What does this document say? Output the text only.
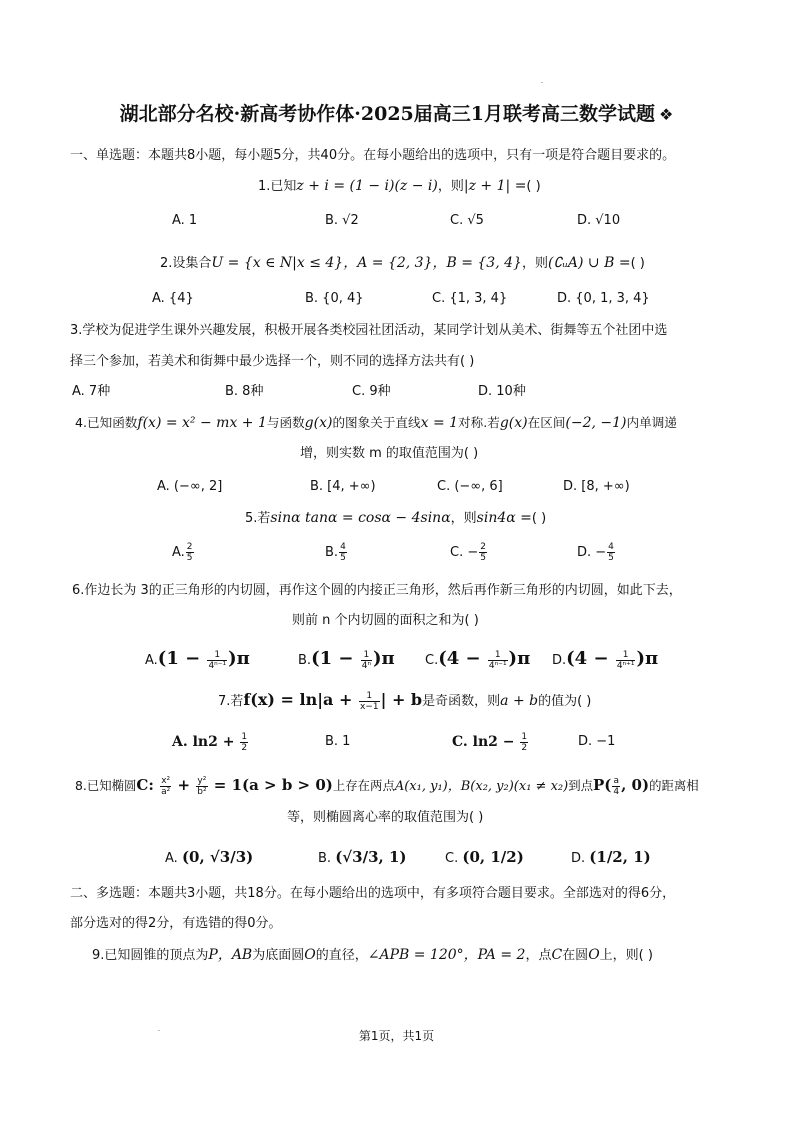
湖北部分名校·新高考协作体·2025届高三1月联考高三数学试题 ❖
一、单选题：本题共8小题，每小题5分，共40分。在每小题给出的选项中，只有一项是符合题目要求的。
1.已知z + i = (1 − i)(z − i)，则|z + 1| =( )
A. 1	B. √2	C. √5	D. √10
2.设集合U = {x ∈ N|x ≤ 4}，A = {2, 3}，B = {3, 4}，则(∁ᵤA) ∪ B =( )
A. {4}	B. {0, 4}	C. {1, 3, 4}	D. {0, 1, 3, 4}
3.学校为促进学生课外兴趣发展，积极开展各类校园社团活动，某同学计划从美术、街舞等五个社团中选
择三个参加，若美术和街舞中最少选择一个，则不同的选择方法共有( )
A. 7种	B. 8种	C. 9种	D. 10种
4.已知函数f(x) = x² − mx + 1与函数g(x)的图象关于直线x = 1对称.若g(x)在区间(−2, −1)内单调递
增，则实数 m 的取值范围为( )
A. (−∞, 2]	B. [4, +∞)	C. (−∞, 6]	D. [8, +∞)
5.若sinα tanα = cosα − 4sinα，则sin4α =( )
A. $\frac{2}{5}$	B. $\frac{4}{5}$	C. − $\frac{2}{5}$	D. − $\frac{4}{5}$
6.作边长为 3的正三角形的内切圆，再作这个圆的内接正三角形，然后再作新三角形的内切圆，如此下去，
则前 n 个内切圆的面积之和为( )
$A.(1 - \frac{1}{\text{4ⁿ⁻¹}} )\pi$	$B.(1 - \frac{1}{\text{4ⁿ}} )\pi$ $C.(4 - \frac{1}{\text{4ⁿ⁻¹}} )\pi$ $D.(4 - \frac{1}{\text{4ⁿ⁺¹}} )\pi$
7.若$f(x) = \ln|a + \frac{1}{x-1}$ | + b是奇函数，则a + b的值为( )
A. $\ln 2 + \frac{1}{2}$	B. 1	C. $\ln 2 - \frac{1}{2}$	D. −1
8.已知椭圆C: $\frac{\text{x²}}{\text{a²}} + \frac{\text{y²}}{\text{b²}} = 1(a > b > 0)$上存在两点A(x₁, y₁)，B(x₂, y₂)(x₁ ≠ x₂)到点$P( \frac{a}{4}$ , 0)的距离相
等，则椭圆离心率的取值范围为( )
A. (0, √3/3)	B. (√3/3, 1)	C. (0, 1/2)	D. (1/2, 1)
二、多选题：本题共3小题，共18分。在每小题给出的选项中，有多项符合题目要求。全部选对的得6分，
部分选对的得2分，有选错的得0分。
9.已知圆锥的顶点为P，AB为底面圆O的直径，∠APB = 120°，PA = 2，点C在圆O上，则( )
第1页，共1页
